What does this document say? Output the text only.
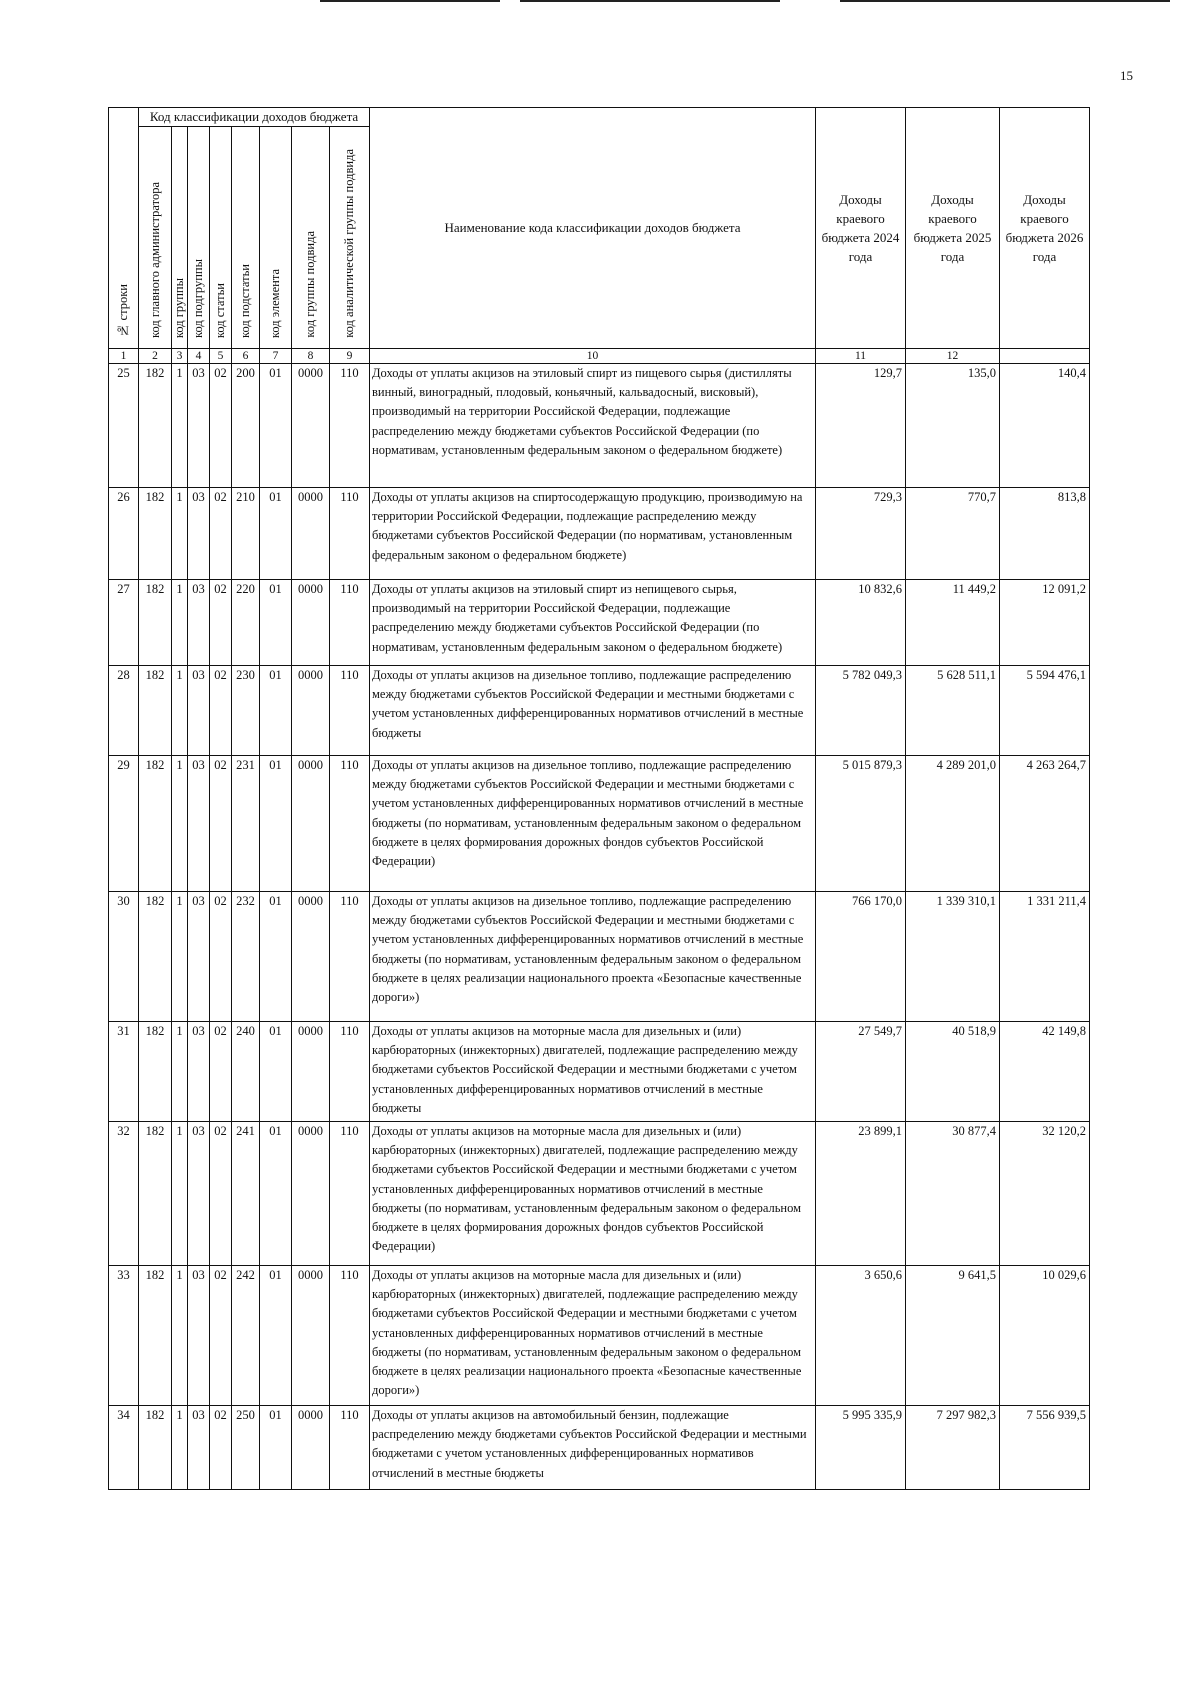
15
№ строки	Код классификации доходов бюджета								Наименование кода классификации доходов бюджета	Доходы краевого бюджета 2024 года	Доходы краевого бюджета 2025 года	Доходы краевого бюджета 2026 года
	код главного администратора	код группы	код подгруппы	код статьи	код подстатьи	код элемента	код группы подвида	код аналитической группы подвида				
1	2	3	4	5	6	7	8	9	10	11	12	
25	182	1	03	02	200	01	0000	110	Доходы от уплаты акцизов на этиловый спирт из пищевого сырья (дистилляты винный, виноградный, плодовый, коньячный, кальвадосный, висковый), производимый на территории Российской Федерации, подлежащие распределению между бюджетами субъектов Российской Федерации (по нормативам, установленным федеральным законом о федеральном бюджете)	129,7	135,0	140,4
26	182	1	03	02	210	01	0000	110	Доходы от уплаты акцизов на спиртосодержащую продукцию, производимую на территории Российской Федерации, подлежащие распределению между бюджетами субъектов Российской Федерации (по нормативам, установленным федеральным законом о федеральном бюджете)	729,3	770,7	813,8
27	182	1	03	02	220	01	0000	110	Доходы от уплаты акцизов на этиловый спирт из непищевого сырья, производимый на территории Российской Федерации, подлежащие распределению между бюджетами субъектов Российской Федерации (по нормативам, установленным федеральным законом о федеральном бюджете)	10 832,6	11 449,2	12 091,2
28	182	1	03	02	230	01	0000	110	Доходы от уплаты акцизов на дизельное топливо, подлежащие распределению между бюджетами субъектов Российской Федерации и местными бюджетами с учетом установленных дифференцированных нормативов отчислений в местные бюджеты	5 782 049,3	5 628 511,1	5 594 476,1
29	182	1	03	02	231	01	0000	110	Доходы от уплаты акцизов на дизельное топливо, подлежащие распределению между бюджетами субъектов Российской Федерации и местными бюджетами с учетом установленных дифференцированных нормативов отчислений в местные бюджеты (по нормативам, установленным федеральным законом о федеральном бюджете в целях формирования дорожных фондов субъектов Российской Федерации)	5 015 879,3	4 289 201,0	4 263 264,7
30	182	1	03	02	232	01	0000	110	Доходы от уплаты акцизов на дизельное топливо, подлежащие распределению между бюджетами субъектов Российской Федерации и местными бюджетами с учетом установленных дифференцированных нормативов отчислений в местные бюджеты (по нормативам, установленным федеральным законом о федеральном бюджете в целях реализации национального проекта «Безопасные качественные дороги»)	766 170,0	1 339 310,1	1 331 211,4
31	182	1	03	02	240	01	0000	110	Доходы от уплаты акцизов на моторные масла для дизельных и (или) карбюраторных (инжекторных) двигателей, подлежащие распределению между бюджетами субъектов Российской Федерации и местными бюджетами с учетом установленных дифференцированных нормативов отчислений в местные бюджеты	27 549,7	40 518,9	42 149,8
32	182	1	03	02	241	01	0000	110	Доходы от уплаты акцизов на моторные масла для дизельных и (или) карбюраторных (инжекторных) двигателей, подлежащие распределению между бюджетами субъектов Российской Федерации и местными бюджетами с учетом установленных дифференцированных нормативов отчислений в местные бюджеты (по нормативам, установленным федеральным законом о федеральном бюджете в целях формирования дорожных фондов субъектов Российской Федерации)	23 899,1	30 877,4	32 120,2
33	182	1	03	02	242	01	0000	110	Доходы от уплаты акцизов на моторные масла для дизельных и (или) карбюраторных (инжекторных) двигателей, подлежащие распределению между бюджетами субъектов Российской Федерации и местными бюджетами с учетом установленных дифференцированных нормативов отчислений в местные бюджеты (по нормативам, установленным федеральным законом о федеральном бюджете в целях реализации национального проекта «Безопасные качественные дороги»)	3 650,6	9 641,5	10 029,6
34	182	1	03	02	250	01	0000	110	Доходы от уплаты акцизов на автомобильный бензин, подлежащие распределению между бюджетами субъектов Российской Федерации и местными бюджетами с учетом установленных дифференцированных нормативов отчислений в местные бюджеты	5 995 335,9	7 297 982,3	7 556 939,5
